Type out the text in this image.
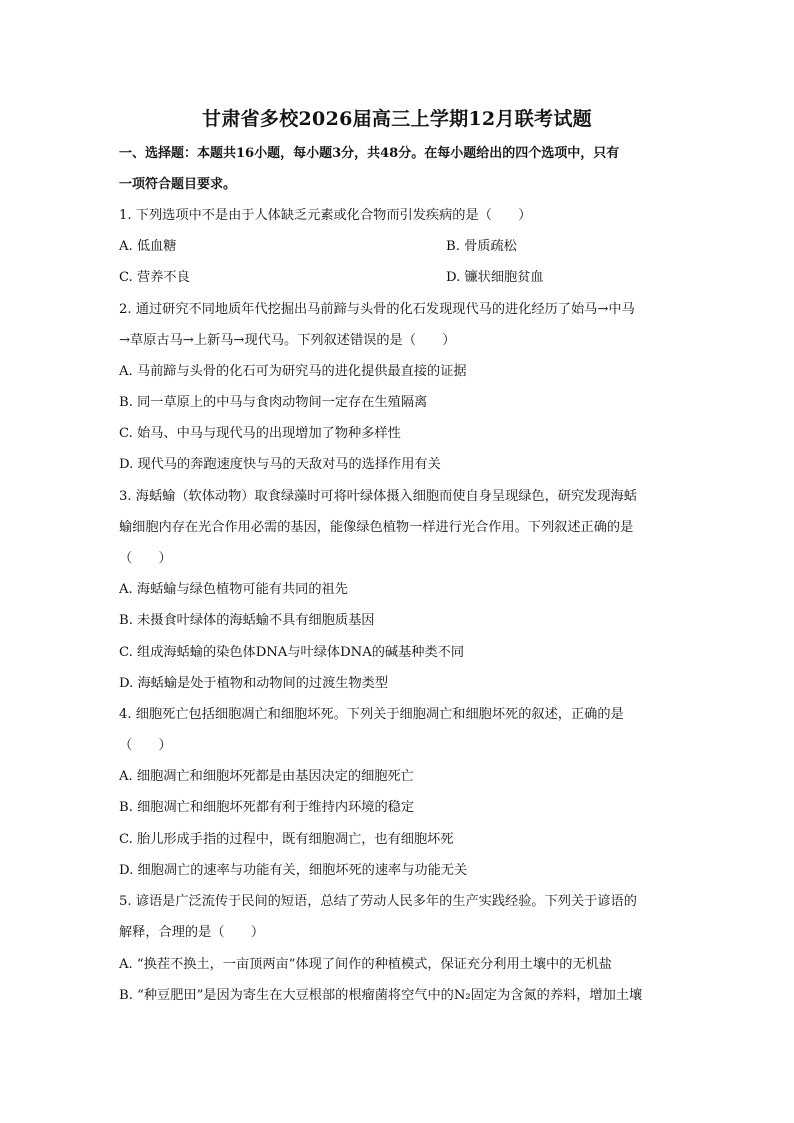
甘肃省多校2026届高三上学期12月联考试题
一、选择题：本题共16小题，每小题3分，共48分。在每小题给出的四个选项中，只有
一项符合题目要求。
1. 下列选项中不是由于人体缺乏元素或化合物而引发疾病的是（　　）
A. 低血糖	B. 骨质疏松
C. 营养不良	D. 镰状细胞贫血
2. 通过研究不同地质年代挖掘出马前蹄与头骨的化石发现现代马的进化经历了始马→中马
→草原古马→上新马→现代马。下列叙述错误的是（　　）
A. 马前蹄与头骨的化石可为研究马的进化提供最直接的证据
B. 同一草原上的中马与食肉动物间一定存在生殖隔离
C. 始马、中马与现代马的出现增加了物种多样性
D. 现代马的奔跑速度快与马的天敌对马的选择作用有关
3. 海蛞蝓（软体动物）取食绿藻时可将叶绿体摄入细胞而使自身呈现绿色，研究发现海蛞
蝓细胞内存在光合作用必需的基因，能像绿色植物一样进行光合作用。下列叙述正确的是
（　　）
A. 海蛞蝓与绿色植物可能有共同的祖先
B. 未摄食叶绿体的海蛞蝓不具有细胞质基因
C. 组成海蛞蝓的染色体DNA与叶绿体DNA的碱基种类不同
D. 海蛞蝓是处于植物和动物间的过渡生物类型
4. 细胞死亡包括细胞凋亡和细胞坏死。下列关于细胞凋亡和细胞坏死的叙述，正确的是
（　　）
A. 细胞凋亡和细胞坏死都是由基因决定的细胞死亡
B. 细胞凋亡和细胞坏死都有利于维持内环境的稳定
C. 胎儿形成手指的过程中，既有细胞凋亡，也有细胞坏死
D. 细胞凋亡的速率与功能有关，细胞坏死的速率与功能无关
5. 谚语是广泛流传于民间的短语，总结了劳动人民多年的生产实践经验。下列关于谚语的
解释，合理的是（　　）
A. “换茬不换土，一亩顶两亩”体现了间作的种植模式，保证充分利用土壤中的无机盐
B. “种豆肥田”是因为寄生在大豆根部的根瘤菌将空气中的N₂固定为含氮的养料，增加土壤
